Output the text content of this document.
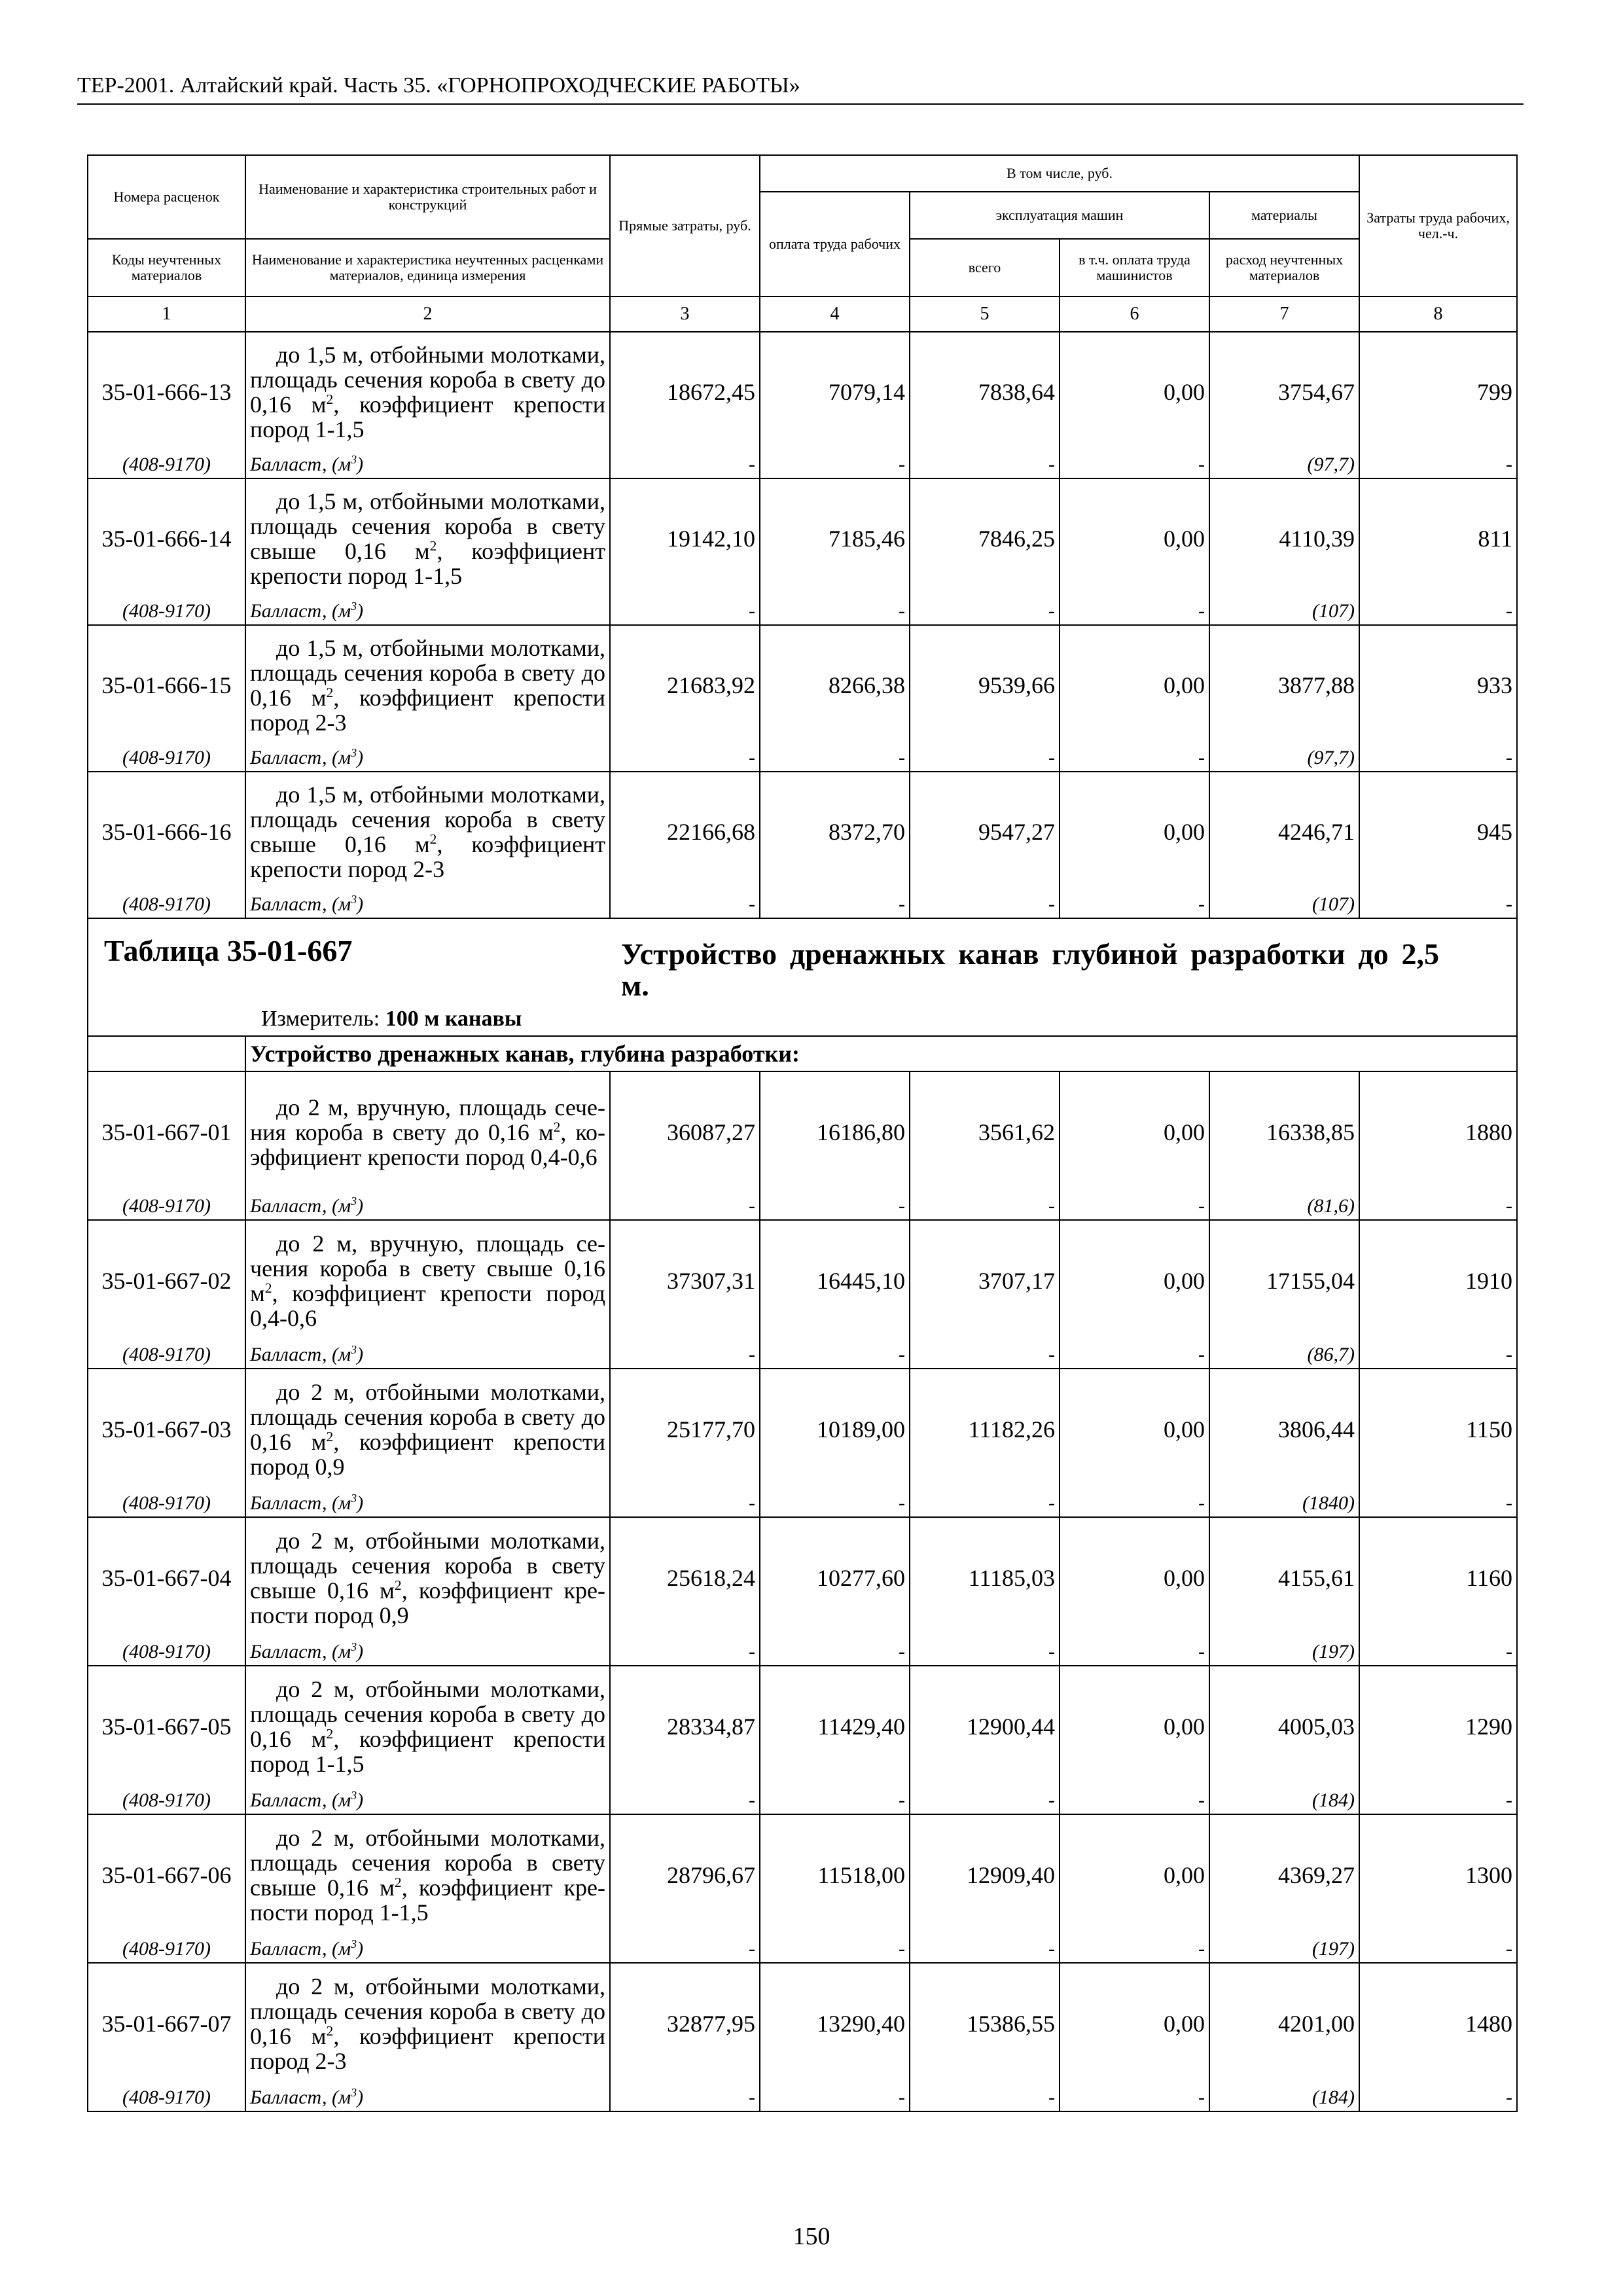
ТЕР-2001. Алтайский край. Часть 35. «ГОРНОПРОХОДЧЕСКИЕ РАБОТЫ»
Номера расценок	Наименование и характеристика строительных работ и конструкций	Прямые затраты, руб.	В том числе, руб.				Затраты труда рабочих, чел.-ч.
			оплата труда рабочих	эксплуатация машин		материалы	
Коды неучтенных материалов	Наименование и характеристика неучтенных расценками материалов, единица измерения			всего	в т.ч. оплата труда машинистов	расход неучтенных материалов	

1	2	3	4	5	6	7	8
35-01-666-13	до 1,5 м, отбойными молотками, площадь сечения короба в свету до 0,16 $м^2$, коэффициент крепости пород 1-1,5	18672,45	7079,14	7838,64	0,00	3754,67	799
(408-9170)	Балласт, $(м^3)$	-	-	-	-	(97,7)	-
35-01-666-14	до 1,5 м, отбойными молотками, площадь сечения короба в свету свыше 0,16 $м^2$, коэффициент крепости пород 1-1,5	19142,10	7185,46	7846,25	0,00	4110,39	811
(408-9170)	Балласт, $(м^3)$	-	-	-	-	(107)	-
35-01-666-15	до 1,5 м, отбойными молотками, площадь сечения короба в свету до 0,16 $м^2$, коэффициент крепости пород 2-3	21683,92	8266,38	9539,66	0,00	3877,88	933
(408-9170)	Балласт, $(м^3)$	-	-	-	-	(97,7)	-
35-01-666-16	до 1,5 м, отбойными молотками, площадь сечения короба в свету свыше 0,16 $м^2$, коэффициент крепости пород 2-3	22166,68	8372,70	9547,27	0,00	4246,71	945
(408-9170)	Балласт, $(м^3)$	-	-	-	-	(107)	-

Таблица 35-01-667 Устройство дренажных канав глубиной разработки до 2,5 м.
Измеритель: 100 м канавы							

	Устройство дренажных канав, глубина разработки:						
35-01-667-01	до 2 м, вручную, площадь сечения короба в свету до 0,16 $м^2$, коэффициент крепости пород 0,4-0,6	36087,27	16186,80	3561,62	0,00	16338,85	1880
(408-9170)	Балласт, $(м^3)$	-	-	-	-	(81,6)	-
35-01-667-02	до 2 м, вручную, площадь сечения короба в свету свыше 0,16 $м^2$, коэффициент крепости пород 0,4-0,6	37307,31	16445,10	3707,17	0,00	17155,04	1910
(408-9170)	Балласт, $(м^3)$	-	-	-	-	(86,7)	-
35-01-667-03	до 2 м, отбойными молотками, площадь сечения короба в свету до 0,16 $м^2$, коэффициент крепости пород 0,9	25177,70	10189,00	11182,26	0,00	3806,44	1150
(408-9170)	Балласт, $(м^3)$	-	-	-	-	(1840)	-
35-01-667-04	до 2 м, отбойными молотками, площадь сечения короба в свету свыше 0,16 $м^2$, коэффициент крепости пород 0,9	25618,24	10277,60	11185,03	0,00	4155,61	1160
(408-9170)	Балласт, $(м^3)$	-	-	-	-	(197)	-
35-01-667-05	до 2 м, отбойными молотками, площадь сечения короба в свету до 0,16 $м^2$, коэффициент крепости пород 1-1,5	28334,87	11429,40	12900,44	0,00	4005,03	1290
(408-9170)	Балласт, $(м^3)$	-	-	-	-	(184)	-
35-01-667-06	до 2 м, отбойными молотками, площадь сечения короба в свету свыше 0,16 $м^2$, коэффициент крепости пород 1-1,5	28796,67	11518,00	12909,40	0,00	4369,27	1300
(408-9170)	Балласт, $(м^3)$	-	-	-	-	(197)	-
35-01-667-07	до 2 м, отбойными молотками, площадь сечения короба в свету до 0,16 $м^2$, коэффициент крепости пород 2-3	32877,95	13290,40	15386,55	0,00	4201,00	1480
(408-9170)	Балласт, $(м^3)$	-	-	-	-	(184)	-
150
